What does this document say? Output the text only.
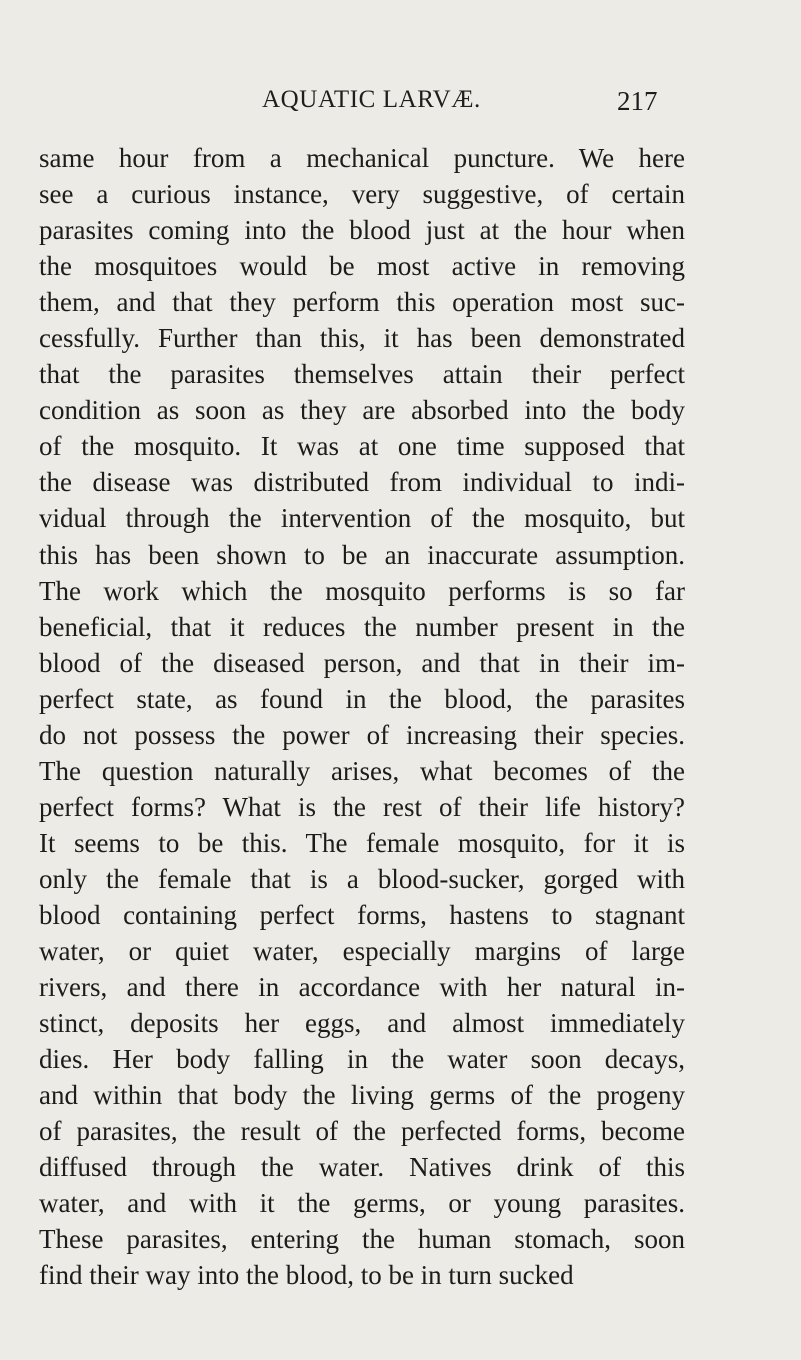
AQUATIC LARVÆ.	217
same hour from a mechanical puncture. We here
see a curious instance, very suggestive, of certain
parasites coming into the blood just at the hour when
the mosquitoes would be most active in removing
them, and that they perform this operation most suc-
cessfully. Further than this, it has been demonstrated
that the parasites themselves attain their perfect
condition as soon as they are absorbed into the body
of the mosquito. It was at one time supposed that
the disease was distributed from individual to indi-
vidual through the intervention of the mosquito, but
this has been shown to be an inaccurate assumption.
The work which the mosquito performs is so far
beneficial, that it reduces the number present in the
blood of the diseased person, and that in their im-
perfect state, as found in the blood, the parasites
do not possess the power of increasing their species.
The question naturally arises, what becomes of the
perfect forms? What is the rest of their life history?
It seems to be this. The female mosquito, for it is
only the female that is a blood-sucker, gorged with
blood containing perfect forms, hastens to stagnant
water, or quiet water, especially margins of large
rivers, and there in accordance with her natural in-
stinct, deposits her eggs, and almost immediately
dies. Her body falling in the water soon decays,
and within that body the living germs of the progeny
of parasites, the result of the perfected forms, become
diffused through the water. Natives drink of this
water, and with it the germs, or young parasites.
These parasites, entering the human stomach, soon
find their way into the blood, to be in turn sucked
